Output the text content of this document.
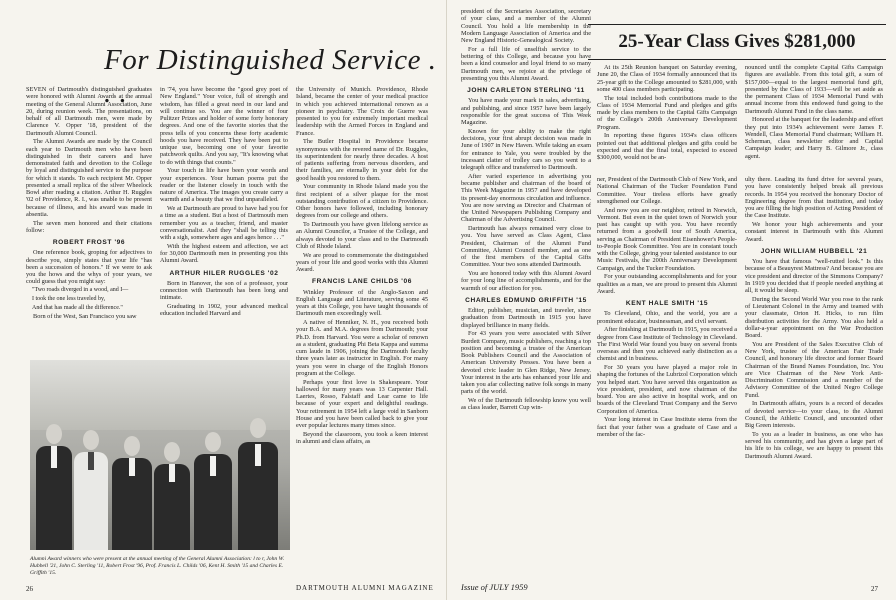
For Distinguished Service . . .

SEVEN of Dartmouth's distinguished graduates were honored with Alumni Awards at the annual meeting of the General Alumni Association, June 20, during reunion week. The presentations, on behalf of all Dartmouth men, were made by Clarence V. Opper '18, president of the Dartmouth Alumni Council.

The Alumni Awards are made by the Council each year to Dartmouth men who have been distinguished in their careers and have demonstrated faith and devotion to the College by loyal and distinguished service to the purpose for which it stands. To each recipient Mr. Opper presented a small replica of the silver Wheelock Bowl after reading a citation. Arthur H. Ruggles '02 of Providence, R. I., was unable to be present because of illness, and his award was made in absentia.

The seven men honored and their citations follow:

ROBERT FROST '96

One reference book, groping for adjectives to describe you, simply states that your life "has been a succession of honors." If we were to ask you the hows and the whys of your years, we could guess that you might say:

"Two roads diverged in a wood, and I—

I took the one less traveled by,

And that has made all the difference."

Born of the West, San Francisco you saw

in '74, you have become the "good grey poet of New England." Your voice, full of strength and wisdom, has filled a great need in our land and will continue so. You are the winner of four Pulitzer Prizes and holder of some forty honorary degrees. And one of the favorite stories that the press tells of you concerns these forty academic hoods you have received. They have been put to unique use, becoming one of your favorite patchwork quilts. And you say, "It's knowing what to do with things that counts."

Your touch in life have been your words and your experiences. Your human poems put the reader or the listener closely in touch with the nature of America. The images you create carry a warmth and a beauty that we find unparalleled.

We at Dartmouth are proud to have had you for a time as a student. But a host of Dartmouth men remember you as a teacher, friend, and master conversationalist. And they "shall be telling this with a sigh, somewhere ages and ages hence . . ."

With the highest esteem and affection, we act for 30,000 Dartmouth men in presenting you this Alumni Award.

ARTHUR HILER RUGGLES '02

Born in Hanover, the son of a professor, your connection with Dartmouth has been long and intimate.

Graduating in 1902, your advanced medical education included Harvard and

the University of Munich. Providence, Rhode Island, became the center of your medical practice in which you achieved international renown as a pioneer in psychiatry. The Croix de Guerre was presented to you for extremely important medical leadership with the Armed Forces in England and France.

The Butler Hospital in Providence became synonymous with the revered name of Dr. Ruggles, its superintendent for nearly three decades. A host of patients suffering from nervous disorders, and their families, are eternally in your debt for the good health you restored to them.

Your community in Rhode Island made you the first recipient of a silver plaque for the most outstanding contribution of a citizen to Providence. Other honors have followed, including honorary degrees from our college and others.

To Dartmouth you have given lifelong service as an Alumni Councilor, a Trustee of the College, and always devoted to your class and to the Dartmouth Club of Rhode Island.

We are proud to commemorate the distinguished years of your life and good works with this Alumni Award.

FRANCIS LANE CHILDS '06

Winkley Professor of the Anglo-Saxon and English Language and Literature, serving some 45 years at this College, you have taught thousands of Dartmouth men exceedingly well.

A native of Henniker, N. H., you received both your B.A. and M.A. degrees from Dartmouth; your Ph.D. from Harvard. You were a scholar of renown as a student, graduating Phi Beta Kappa and summa cum laude in 1906, joining the Dartmouth faculty three years later as instructor in English. For many years you were in charge of the English Honors program at the College.

Perhaps your first love is Shakespeare. Your hallowed for many years was 13 Carpenter Hall. Laertes, Rosso, Falstaff and Lear came to life because of your expert and delightful readings. Your retirement in 1954 left a large void in Sanborn House and you have been called back to give your ever popular lectures many times since.

Beyond the classroom, you took a keen interest in alumni and class affairs, as

Alumni Award winners who were present at the annual meeting of the General Alumni Association: l to r, John W. Hubbell '21, John C. Sterling '11, Robert Frost '96, Prof. Francis L. Childs '06, Kent H. Smith '15 and Charles E. Griffith '15.
26	DARTMOUTH ALUMNI MAGAZINE

president of the Secretaries Association, secretary of your class, and a member of the Alumni Council. You hold a life membership in the Modern Language Association of America and the New England Historic-Genealogical Society.

For a full life of unselfish service to the bettering of this College, and because you have been a kind counselor and loyal friend to so many Dartmouth men, we rejoice at the privilege of presenting you this Alumni Award.

JOHN CARLETON STERLING '11

You have made your mark in sales, advertising, and publishing, and since 1957 have been largely responsible for the great success of This Week Magazine.

Known for your ability to make the right decisions, your first abrupt decision was made in June of 1907 in New Haven. While taking an exam for entrance to Yale, you were troubled by the incessant clatter of trolley cars so you went to a telegraph office and transferred to Dartmouth.

After varied experience in advertising you became publisher and chairman of the board of This Week Magazine in 1957 and have developed its present-day enormous circulation and influence. You are now serving as Director and Chairman of the United Newspapers Publishing Company and Chairman of the Advertising Council.

Dartmouth has always remained very close to you. You have served as Class Agent, Class President, Chairman of the Alumni Fund Committee, Alumni Council member, and as one of the first members of the Capital Gifts Committee. Your two sons attended Dartmouth.

You are honored today with this Alumni Award for your long line of accomplishments, and for the warmth of our affection for you.

CHARLES EDMUND GRIFFITH '15

Editor, publisher, musician, and traveler, since graduation from Dartmouth in 1915 you have displayed brilliance in many fields.

For 43 years you were associated with Silver Burdett Company, music publishers, reaching a top position and becoming a trustee of the American Book Publishers Council and the Association of American University Presses. You have been a devoted civic leader in Glen Ridge, New Jersey. Your interest in the arts has enhanced your life and taken you afar collecting native folk songs in many parts of the world.

We of the Dartmouth fellowship know you well as class leader, Barrett Cup win-

25-Year Class Gives $281,000

At its 25th Reunion banquet on Saturday evening, June 20, the Class of 1934 formally announced that its 25-year gift to the College amounted to $281,000, with some 400 class members participating.

The total included both contributions made to the Class of 1934 Memorial Fund and pledges and gifts made by class members to the Capital Gifts Campaign of the College's 200th Anniversary Development Program.

In reporting these figures 1934's class officers pointed out that additional pledges and gifts could be expected and that the final total, expected to exceed $300,000, would not be an-

nounced until the complete Capital Gifts Campaign figures are available. From this total gift, a sum of $157,000—equal to the largest memorial fund gift, presented by the Class of 1933—will be set aside as the permanent Class of 1934 Memorial Fund with annual income from this endowed fund going to the Dartmouth Alumni Fund in the class name.

Honored at the banquet for the leadership and effort they put into 1934's achievement were James F. Wendell, Class Memorial Fund chairman; William H. Scherman, class newsletter editor and Capital Campaign leader; and Harry B. Gilmore Jr., class agent.

ner, President of the Dartmouth Club of New York, and National Chairman of the Tucker Foundation Fund Committee. Your tireless efforts have greatly strengthened our College.

And now you are our neighbor, retired in Norwich, Vermont. But even in the quiet town of Norwich your past has caught up with you. You have recently returned from a goodwill tour of South America, serving as Chairman of President Eisenhower's People-to-People Book Committee. You are in constant touch with the College, giving your talented assistance to our Music Festivals, the 200th Anniversary Development Campaign, and the Tucker Foundation.

For your outstanding accomplishments and for your qualities as a man, we are proud to present this Alumni Award.

KENT HALE SMITH '15

To Cleveland, Ohio, and the world, you are a prominent educator, businessman, and civil servant.

After finishing at Dartmouth in 1915, you received a degree from Case Institute of Technology in Cleveland. The First World War found you busy on several fronts overseas and then you achieved early distinction as a chemist and in business.

For 30 years you have played a major role in shaping the fortunes of the Lubrizol Corporation which you helped start. You have served this organization as vice president, president, and now chairman of the board. You are also active in hospital work, and on boards of the Cleveland Trust Company and the Servo Corporation of America.

Your long interest in Case Institute stems from the fact that your father was a graduate of Case and a member of the fac-

ulty there. Leading its fund drive for several years, you have consistently helped break all previous records. In 1954 you received the honorary Doctor of Engineering degree from that institution, and today you are filling the high position of Acting President of the Case Institute.

We honor your high achievements and your constant interest in Dartmouth with this Alumni Award.

JOHN WILLIAM HUBBELL '21

You have that famous "well-rutted look." Is this because of a Beauyrest Mattress? And because you are vice president and director of the Simmons Company? In 1919 you decided that if people needed anything at all, it would be sleep.

During the Second World War you rose to the rank of Lieutenant Colonel in the Army and teamed with your classmate, Orton H. Hicks, to run film distribution activities for the Army. You also held a dollar-a-year appointment on the War Production Board.

You are President of the Sales Executive Club of New York, trustee of the American Fair Trade Council, and honorary life director and former Board Chairman of the Brand Names Foundation, Inc. You are Vice Chairman of the New York Anti-Discrimination Commission and a member of the Advisory Committee of the United Negro College Fund.

In Dartmouth affairs, yours is a record of decades of devoted service—to your class, to the Alumni Council, the Athletic Council, and uncounted other Big Green interests.

To you as a leader in business, as one who has served his community, and has given a large part of his life to his college, we are happy to present this Dartmouth Alumni Award.

Issue of JULY 1959	27
